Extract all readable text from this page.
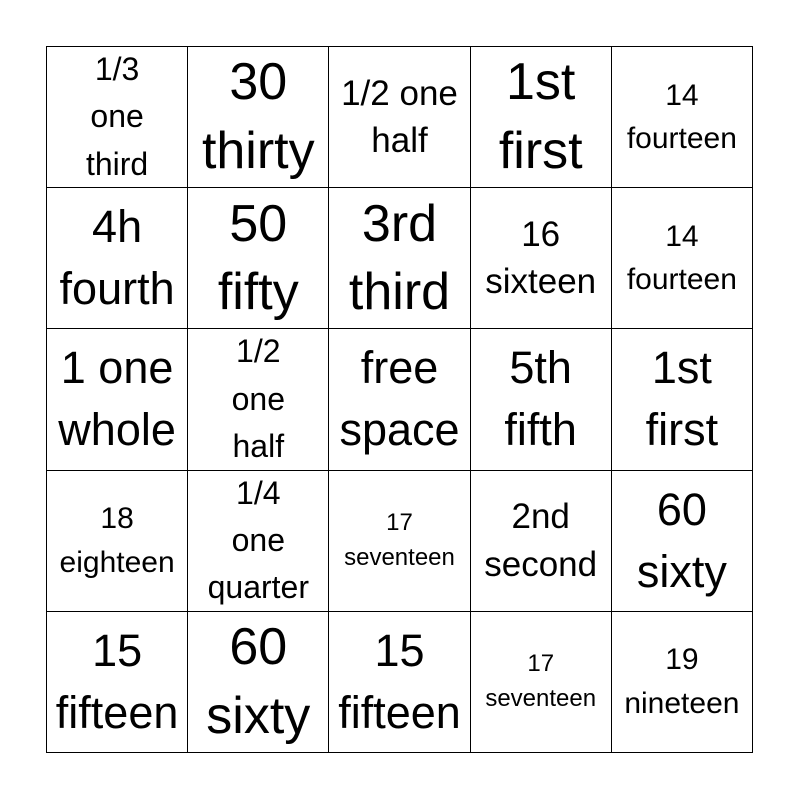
1/3
one
third
30
thirty
1/2 one
half
1st
first
14
fourteen
4h
fourth
50
fifty
3rd
third
16
sixteen
14
fourteen
1 one
whole
1/2
one
half
free
space
5th
fifth
1st
first
18
eighteen
1/4
one
quarter
17
seventeen
2nd
second
60
sixty
15
fifteen
60
sixty
15
fifteen
17
seventeen
19
nineteen
